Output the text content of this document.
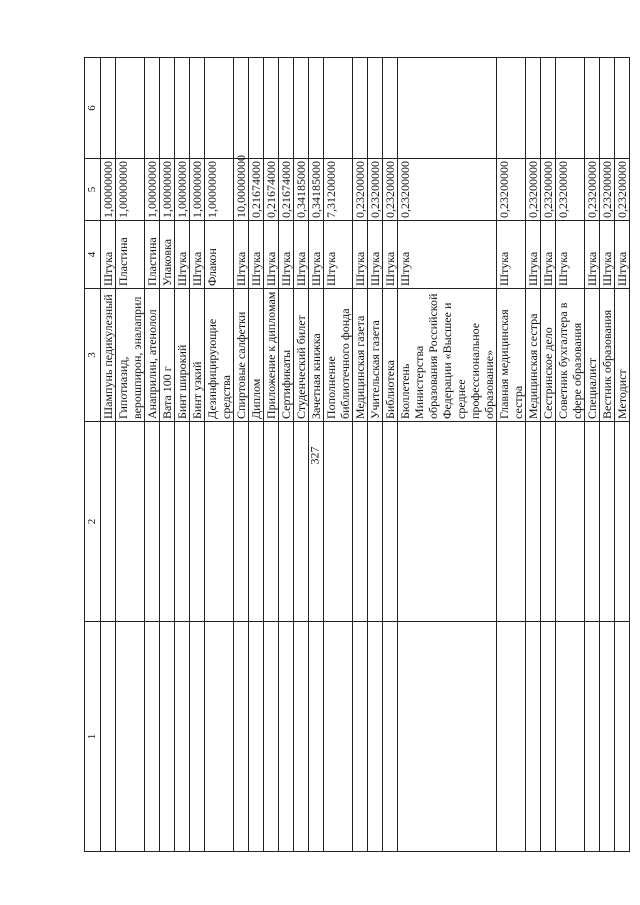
327
1	2	3	4	5	6
		Шампунь педикулезный	Штука	1,00000000	
		Гипотиазид, верошпирон, эналаприл	Пластина	1,00000000	
		Анаприлин, атенолол	Пластина	1,00000000	
		Вата 100 г	Упаковка	1,00000000	
		Бинт широкий	Штука	1,00000000	
		Бинт узкий	Штука	1,00000000	
		Дезинфицирующие средства	Флакон	1,00000000	
		Спиртовые салфетки	Штука	10,00000000	
		Диплом	Штука	0,21674000	
		Приложение к дипломам	Штука	0,21674000	
		Сертификаты	Штука	0,21674000	
		Студенческий билет	Штука	0,34185000	
		Зачетная книжка	Штука	0,34185000	
		Пополнение библиотечного фонда	Штука	7,31200000	
		Медицинская газета	Штука	0,23200000	
		Учительская газета	Штука	0,23200000	
		Библиотека	Штука	0,23200000	
		Бюллетень Министерства образования Российской Федерации «Высшее и среднее профессиональное образование»	Штука	0,23200000	
		Главная медицинская сестра	Штука	0,23200000	
		Медицинская сестра	Штука	0,23200000	
		Сестринское дело	Штука	0,23200000	
		Советник бухгалтера в сфере образования	Штука	0,23200000	
		Специалист	Штука	0,23200000	
		Вестник образования	Штука	0,23200000	
		Методист	Штука	0,23200000	
